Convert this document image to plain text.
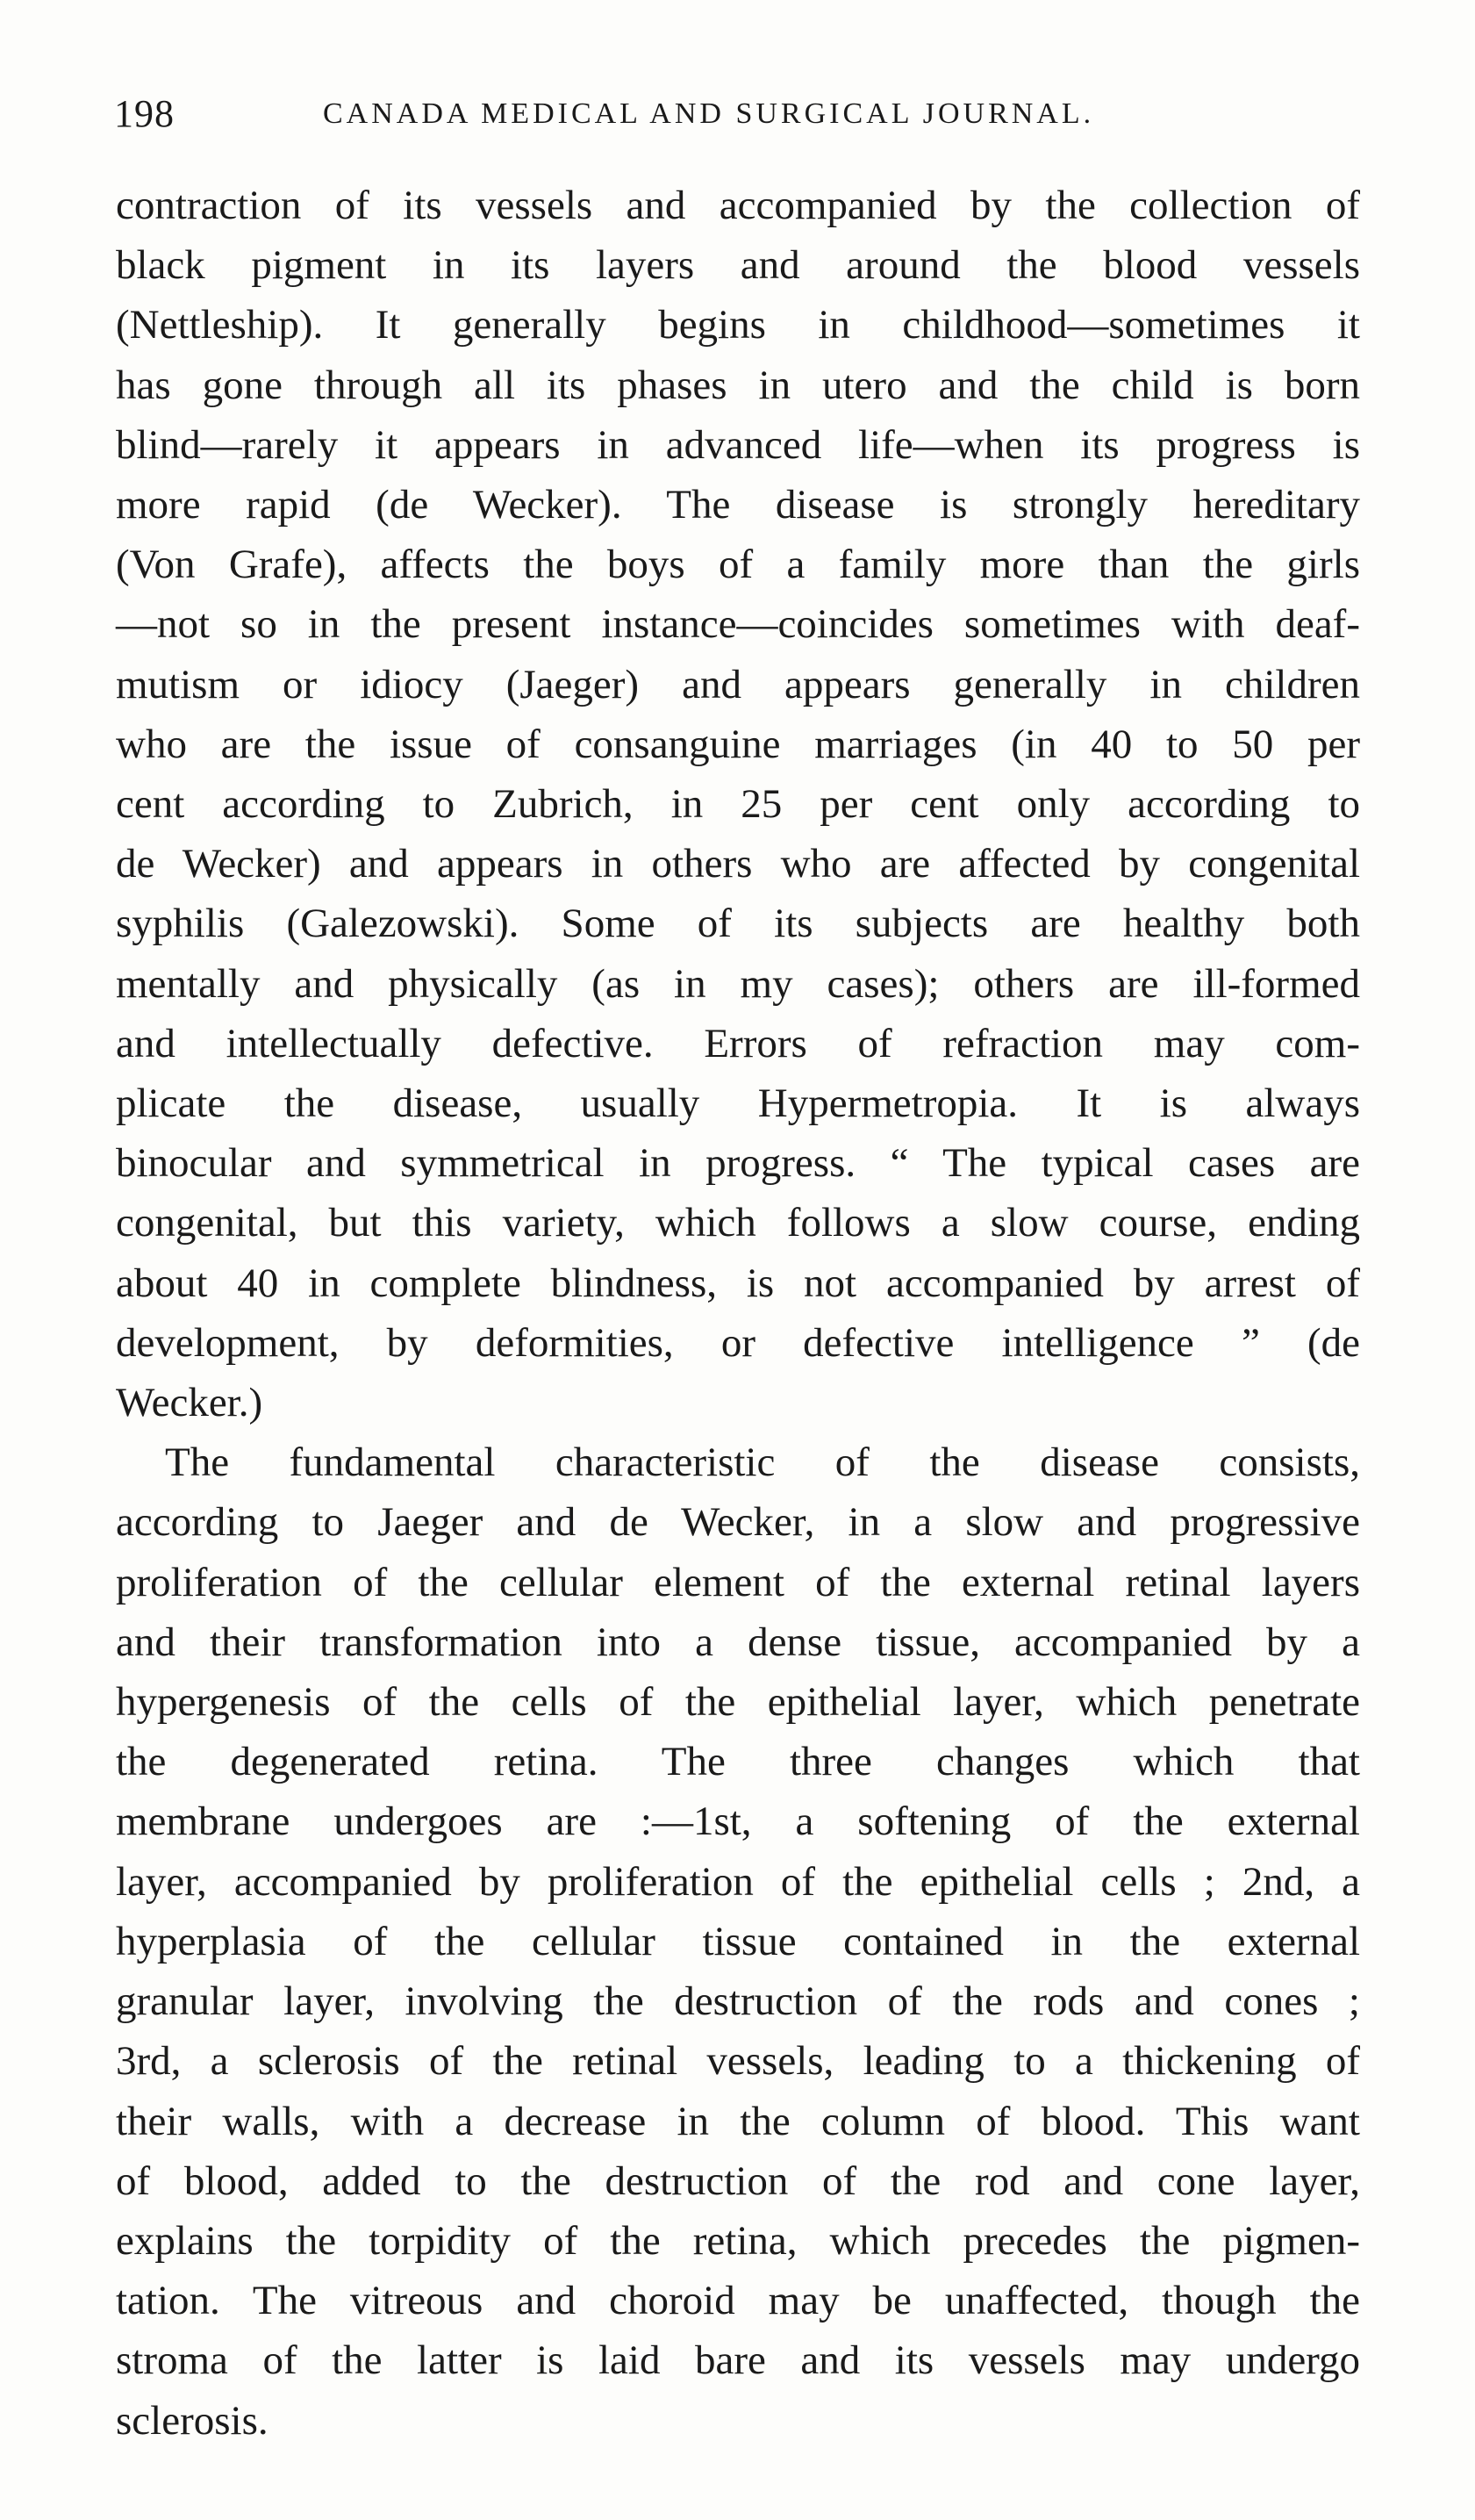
198	CANADA MEDICAL AND SURGICAL JOURNAL.
contraction of its vessels and accompanied by the collection of
black pigment in its layers and around the blood vessels
(Nettleship). It generally begins in childhood—sometimes it
has gone through all its phases in utero and the child is born
blind—rarely it appears in advanced life—when its progress is
more rapid (de Wecker). The disease is strongly hereditary
(Von Grafe), affects the boys of a family more than the girls
—not so in the present instance—coincides sometimes with deaf-
mutism or idiocy (Jaeger) and appears generally in children
who are the issue of consanguine marriages (in 40 to 50 per
cent according to Zubrich, in 25 per cent only according to
de Wecker) and appears in others who are affected by congenital
syphilis (Galezowski). Some of its subjects are healthy both
mentally and physically (as in my cases); others are ill-formed
and intellectually defective. Errors of refraction may com-
plicate the disease, usually Hypermetropia. It is always
binocular and symmetrical in progress. “ The typical cases are
congenital, but this variety, which follows a slow course, ending
about 40 in complete blindness, is not accompanied by arrest of
development, by deformities, or defective intelligence ” (de
Wecker.)
The fundamental characteristic of the disease consists,
according to Jaeger and de Wecker, in a slow and progressive
proliferation of the cellular element of the external retinal layers
and their transformation into a dense tissue, accompanied by a
hypergenesis of the cells of the epithelial layer, which penetrate
the degenerated retina. The three changes which that
membrane undergoes are :—1st, a softening of the external
layer, accompanied by proliferation of the epithelial cells ; 2nd, a
hyperplasia of the cellular tissue contained in the external
granular layer, involving the destruction of the rods and cones ;
3rd, a sclerosis of the retinal vessels, leading to a thickening of
their walls, with a decrease in the column of blood. This want
of blood, added to the destruction of the rod and cone layer,
explains the torpidity of the retina, which precedes the pigmen-
tation. The vitreous and choroid may be unaffected, though the
stroma of the latter is laid bare and its vessels may undergo
sclerosis.
